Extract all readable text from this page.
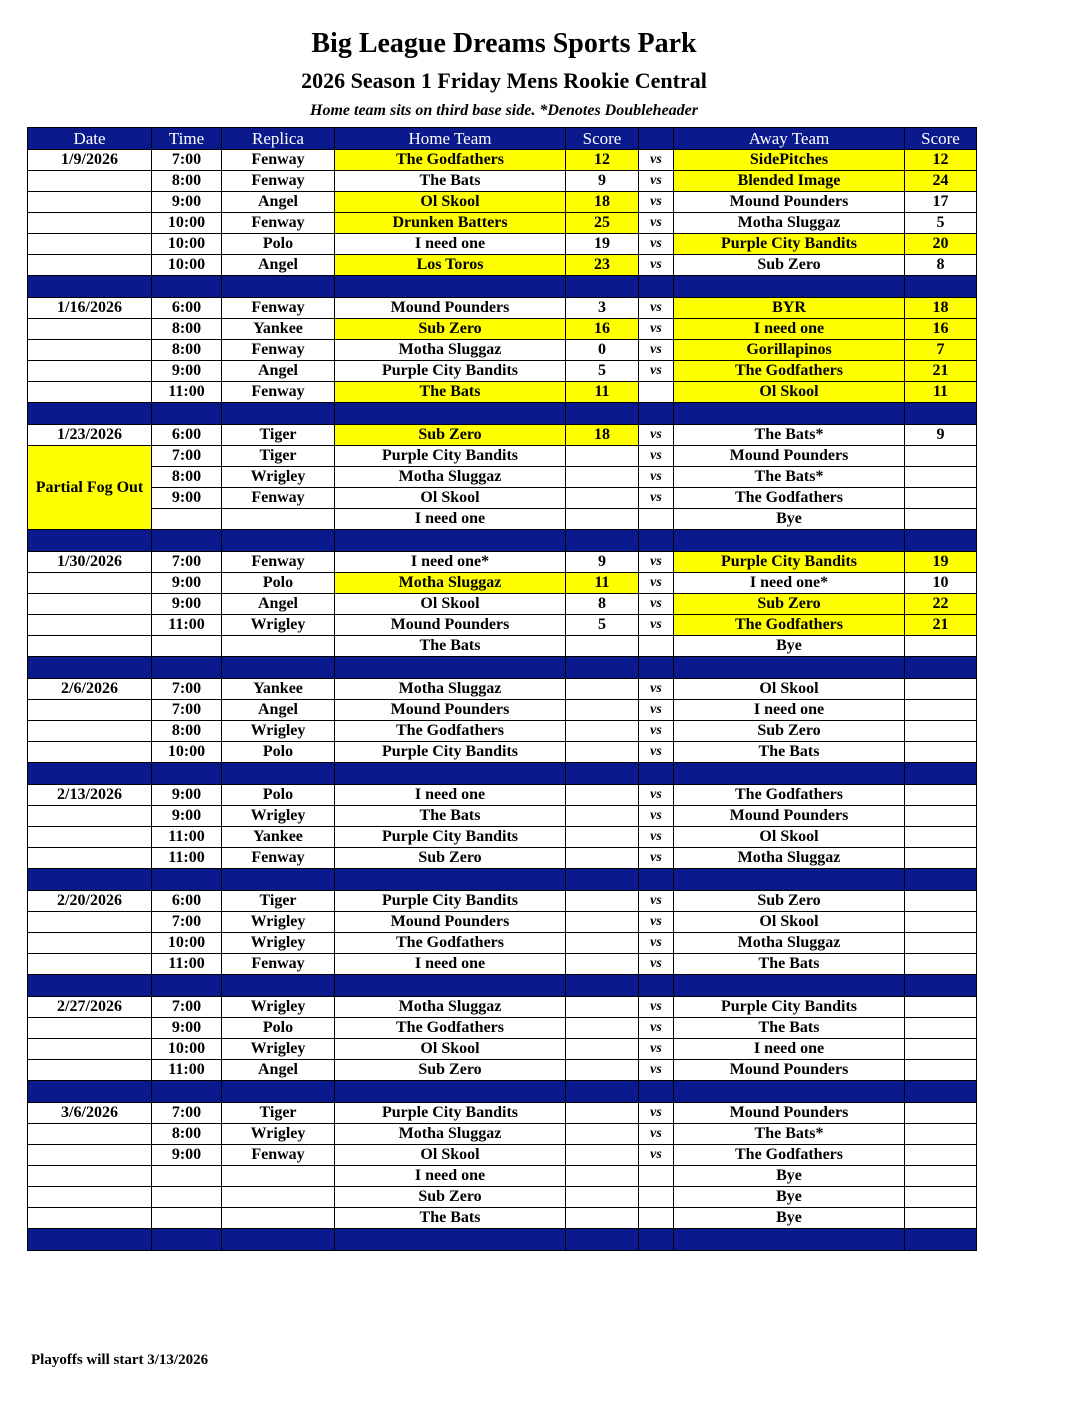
Big League Dreams Sports Park
2026 Season 1 Friday Mens Rookie Central
Home team sits on third base side. *Denotes Doubleheader
Date	Time	Replica	Home Team	Score		Away Team	Score
1/9/2026	7:00	Fenway	The Godfathers	12	vs	SidePitches	12
	8:00	Fenway	The Bats	9	vs	Blended Image	24
	9:00	Angel	Ol Skool	18	vs	Mound Pounders	17
	10:00	Fenway	Drunken Batters	25	vs	Motha Sluggaz	5
	10:00	Polo	I need one	19	vs	Purple City Bandits	20
	10:00	Angel	Los Toros	23	vs	Sub Zero	8

1/16/2026	6:00	Fenway	Mound Pounders	3	vs	BYR	18
	8:00	Yankee	Sub Zero	16	vs	I need one	16
	8:00	Fenway	Motha Sluggaz	0	vs	Gorillapinos	7
	9:00	Angel	Purple City Bandits	5	vs	The Godfathers	21
	11:00	Fenway	The Bats	11		Ol Skool	11

1/23/2026	6:00	Tiger	Sub Zero	18	vs	The Bats*	9
Partial Fog Out	7:00	Tiger	Purple City Bandits		vs	Mound Pounders	
	8:00	Wrigley	Motha Sluggaz		vs	The Bats*	
	9:00	Fenway	Ol Skool		vs	The Godfathers	
			I need one			Bye	

1/30/2026	7:00	Fenway	I need one*	9	vs	Purple City Bandits	19
	9:00	Polo	Motha Sluggaz	11	vs	I need one*	10
	9:00	Angel	Ol Skool	8	vs	Sub Zero	22
	11:00	Wrigley	Mound Pounders	5	vs	The Godfathers	21
			The Bats			Bye	

2/6/2026	7:00	Yankee	Motha Sluggaz		vs	Ol Skool	
	7:00	Angel	Mound Pounders		vs	I need one	
	8:00	Wrigley	The Godfathers		vs	Sub Zero	
	10:00	Polo	Purple City Bandits		vs	The Bats	

2/13/2026	9:00	Polo	I need one		vs	The Godfathers	
	9:00	Wrigley	The Bats		vs	Mound Pounders	
	11:00	Yankee	Purple City Bandits		vs	Ol Skool	
	11:00	Fenway	Sub Zero		vs	Motha Sluggaz	

2/20/2026	6:00	Tiger	Purple City Bandits		vs	Sub Zero	
	7:00	Wrigley	Mound Pounders		vs	Ol Skool	
	10:00	Wrigley	The Godfathers		vs	Motha Sluggaz	
	11:00	Fenway	I need one		vs	The Bats	

2/27/2026	7:00	Wrigley	Motha Sluggaz		vs	Purple City Bandits	
	9:00	Polo	The Godfathers		vs	The Bats	
	10:00	Wrigley	Ol Skool		vs	I need one	
	11:00	Angel	Sub Zero		vs	Mound Pounders	

3/6/2026	7:00	Tiger	Purple City Bandits		vs	Mound Pounders	
	8:00	Wrigley	Motha Sluggaz		vs	The Bats*	
	9:00	Fenway	Ol Skool		vs	The Godfathers	
			I need one			Bye	
			Sub Zero			Bye	
			The Bats			Bye	

Playoffs will start 3/13/2026
